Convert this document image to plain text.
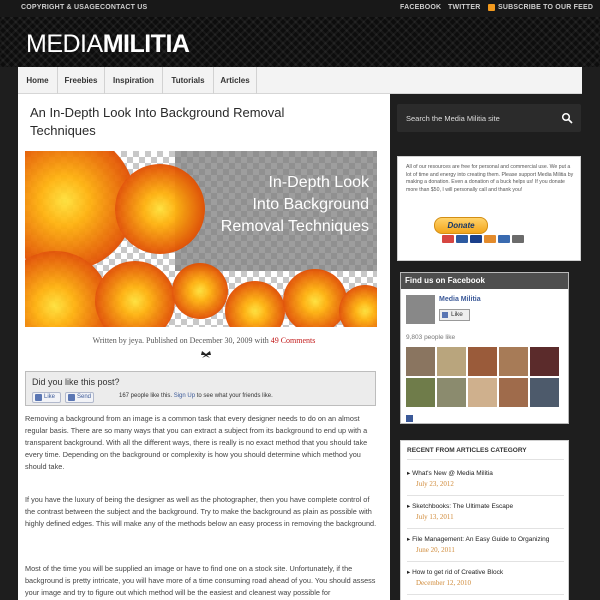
COPYRIGHT & USAGE CONTACT US	FACEBOOK TWITTER SUBSCRIBE TO OUR FEED
MEDIAMILITIA
Home	Freebies	Inspiration	Tutorials	Articles
An In-Depth Look Into Background Removal Techniques
In-Depth Look
Into Background
Removal Techniques
Written by jeya. Published on December 30, 2009 with 49 Comments
Did you like this post?
Like	Send	167 people like this. Sign Up to see what your friends like.

Removing a background from an image is a common task that every designer needs to do on an almost regular basis. There are so many ways that you can extract a subject from its background to end up with a transparent background. With all the different ways, there is really is no exact method that you should take every time. Depending on the background or complexity is how you should determine which method you should take.

If you have the luxury of being the designer as well as the photographer, then you have complete control of the contrast between the subject and the background. Try to make the background as plain as possible with highly defined edges. This will make any of the methods below an easy process in removing the background.

Most of the time you will be supplied an image or have to find one on a stock site. Unfortunately, if the background is pretty intricate, you will have more of a time consuming road ahead of you. You should assess your image and try to figure out which method will be the easiest and cleanest way possible for

Search the Media Militia site
All of our resources are free for personal and commercial use. We put a lot of time and energy into creating them. Please support Media Militia by making a donation. Even a donation of a buck helps us! If you donate more than $50, I will personally call and thank you!
Donate
Find us on Facebook
Media Militia
Like
9,803 people like
RECENT FROM ARTICLES CATEGORY
▸ What's New @ Media Militia
July 23, 2012
▸ Sketchbooks: The Ultimate Escape
July 13, 2011
▸ File Management: An Easy Guide to Organizing
June 20, 2011
▸ How to get rid of Creative Block
December 12, 2010
